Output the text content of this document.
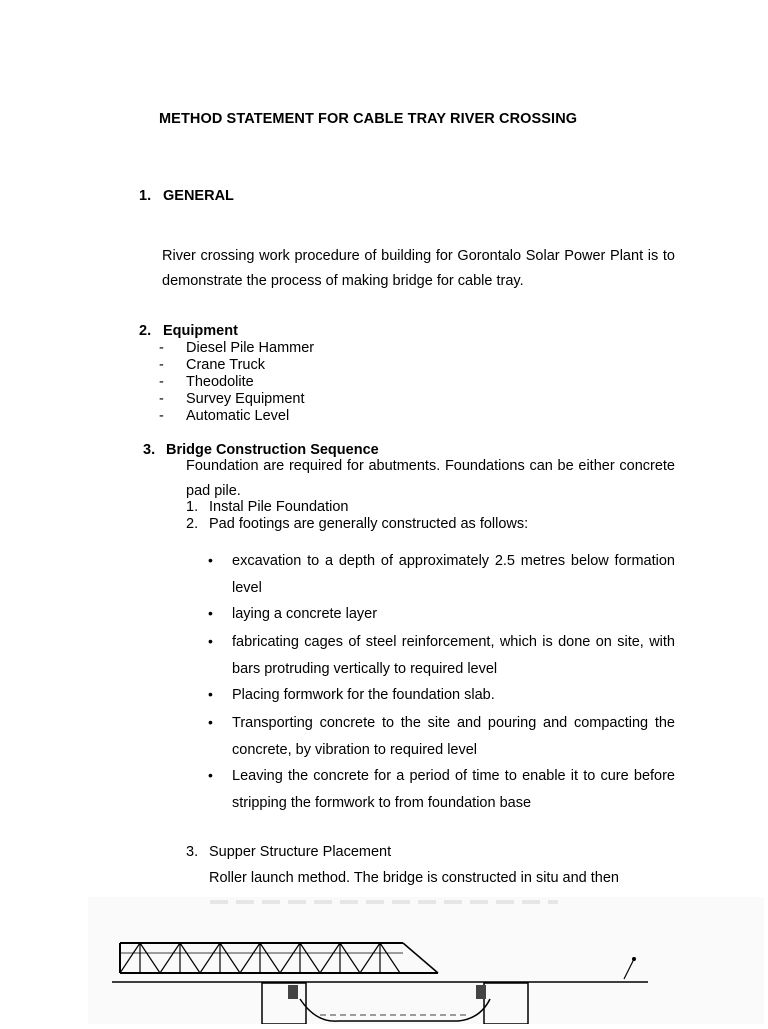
METHOD STATEMENT FOR CABLE TRAY RIVER CROSSING
1. GENERAL
River crossing work procedure of building for Gorontalo Solar Power Plant is to demonstrate the process of making bridge for cable tray.
2. Equipment
- Diesel Pile Hammer
- Crane Truck
- Theodolite
- Survey Equipment
- Automatic Level
3. Bridge Construction Sequence
Foundation are required for abutments. Foundations can be either concrete pad pile.
1. Instal Pile Foundation
2. Pad footings are generally constructed as follows:
• excavation to a depth of approximately 2.5 metres below formation level
• laying a concrete layer
• fabricating cages of steel reinforcement, which is done on site, with bars protruding vertically to required level
• Placing formwork for the foundation slab.
• Transporting concrete to the site and pouring and compacting the concrete, by vibration to required level
• Leaving the concrete for a period of time to enable it to cure before stripping the formwork to from foundation base
3. Supper Structure Placement
Roller launch method. The bridge is constructed in situ and then
